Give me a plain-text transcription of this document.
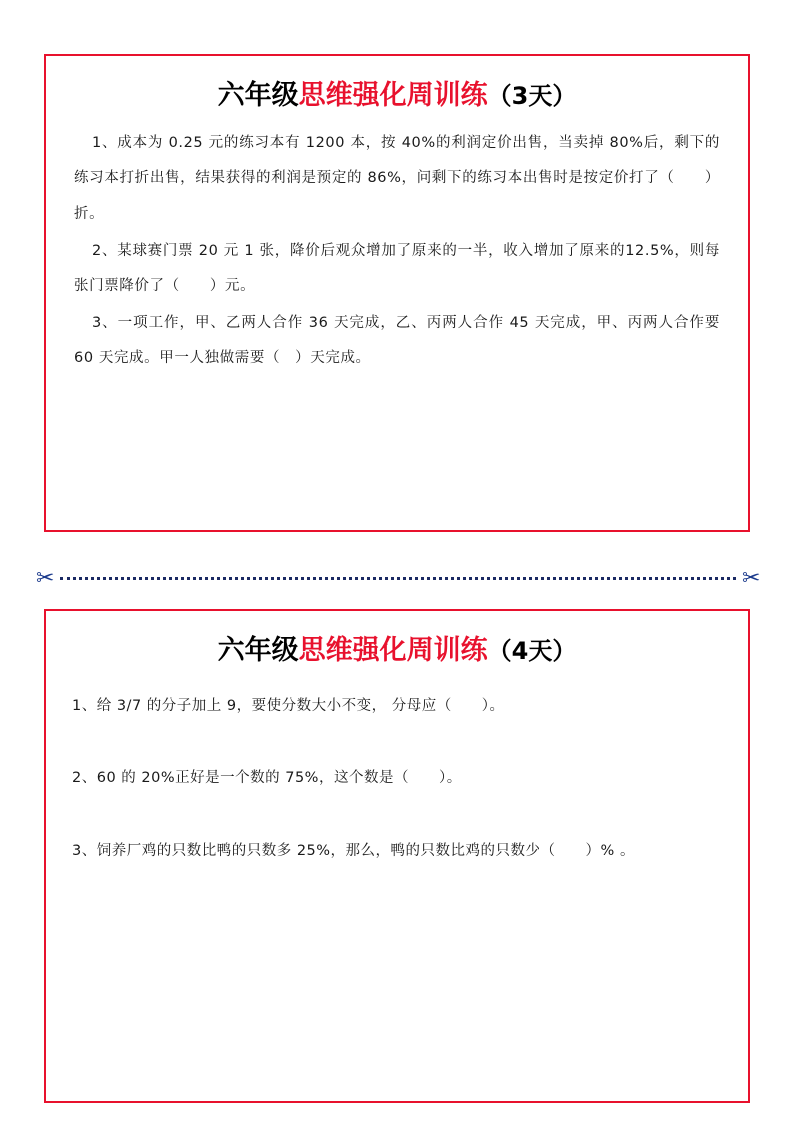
六年级思维强化周训练（3天）

1、成本为 0.25 元的练习本有 1200 本，按 40%的利润定价出售，当卖掉 80%后，剩下的练习本打折出售，结果获得的利润是预定的 86%，问剩下的练习本出售时是按定价打了（　　）折。

2、某球赛门票 20 元 1 张，降价后观众增加了原来的一半，收入增加了原来的12.5%，则每张门票降价了（　　）元。

3、一项工作，甲、乙两人合作 36 天完成，乙、丙两人合作 45 天完成，甲、丙两人合作要 60 天完成。甲一人独做需要（　）天完成。

✂	✂
六年级思维强化周训练（4天）

1、给 3/7 的分子加上 9，要使分数大小不变， 分母应（　　）。

2、60 的 20%正好是一个数的 75%，这个数是（　　）。

3、饲养厂鸡的只数比鸭的只数多 25%，那么，鸭的只数比鸡的只数少（　　）% 。
